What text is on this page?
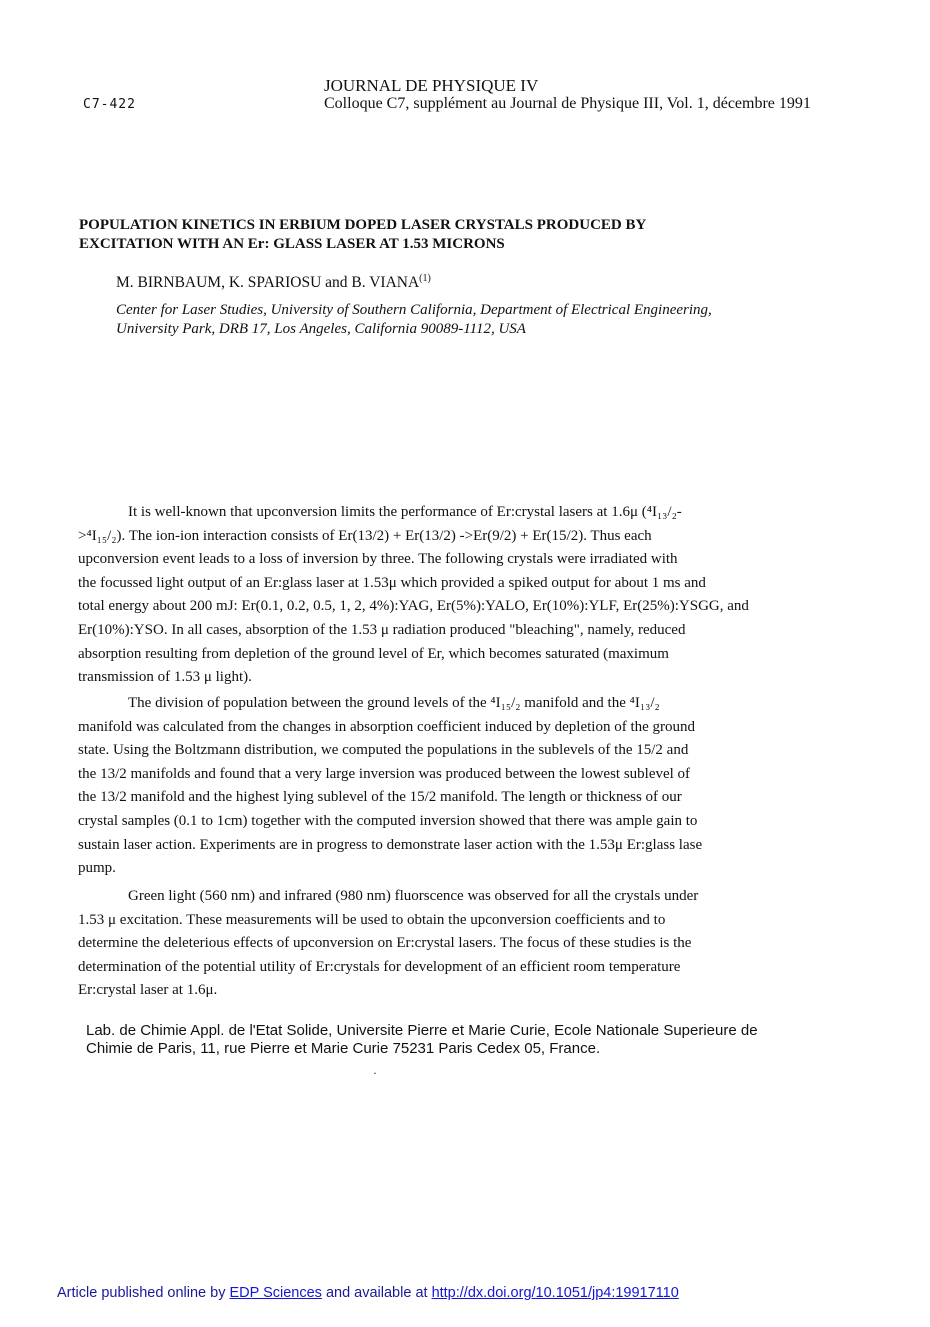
C7-422
JOURNAL DE PHYSIQUE IV
Colloque C7, supplément au Journal de Physique III, Vol. 1, décembre 1991
POPULATION KINETICS IN ERBIUM DOPED LASER CRYSTALS PRODUCED BY
EXCITATION WITH AN Er: GLASS LASER AT 1.53 MICRONS
M. BIRNBAUM, K. SPARIOSU and B. VIANA$^{(1)}$
Center for Laser Studies, University of Southern California, Department of Electrical Engineering,
University Park, DRB 17, Los Angeles, California 90089-1112, USA
It is well-known that upconversion limits the performance of Er:crystal lasers at 1.6μ (⁴I₁₃/₂-
>⁴I₁₅/₂). The ion-ion interaction consists of Er(13/2) + Er(13/2) ->Er(9/2) + Er(15/2). Thus each
upconversion event leads to a loss of inversion by three. The following crystals were irradiated with
the focussed light output of an Er:glass laser at 1.53μ which provided a spiked output for about 1 ms and
total energy about 200 mJ: Er(0.1, 0.2, 0.5, 1, 2, 4%):YAG, Er(5%):YALO, Er(10%):YLF, Er(25%):YSGG, and
Er(10%):YSO. In all cases, absorption of the 1.53 μ radiation produced "bleaching", namely, reduced
absorption resulting from depletion of the ground level of Er, which becomes saturated (maximum
transmission of 1.53 μ light).
The division of population between the ground levels of the ⁴I₁₅/₂ manifold and the ⁴I₁₃/₂
manifold was calculated from the changes in absorption coefficient induced by depletion of the ground
state. Using the Boltzmann distribution, we computed the populations in the sublevels of the 15/2 and
the 13/2 manifolds and found that a very large inversion was produced between the lowest sublevel of
the 13/2 manifold and the highest lying sublevel of the 15/2 manifold. The length or thickness of our
crystal samples (0.1 to 1cm) together with the computed inversion showed that there was ample gain to
sustain laser action. Experiments are in progress to demonstrate laser action with the 1.53μ Er:glass lase
pump.
Green light (560 nm) and infrared (980 nm) fluorscence was observed for all the crystals under
1.53 μ excitation. These measurements will be used to obtain the upconversion coefficients and to
determine the deleterious effects of upconversion on Er:crystal lasers. The focus of these studies is the
determination of the potential utility of Er:crystals for development of an efficient room temperature
Er:crystal laser at 1.6μ.
Lab. de Chimie Appl. de l'Etat Solide, Universite Pierre et Marie Curie, Ecole Nationale Superieure de
Chimie de Paris, 11, rue Pierre et Marie Curie 75231 Paris Cedex 05, France.
·
Article published online by EDP Sciences and available at http://dx.doi.org/10.1051/jp4:19917110
